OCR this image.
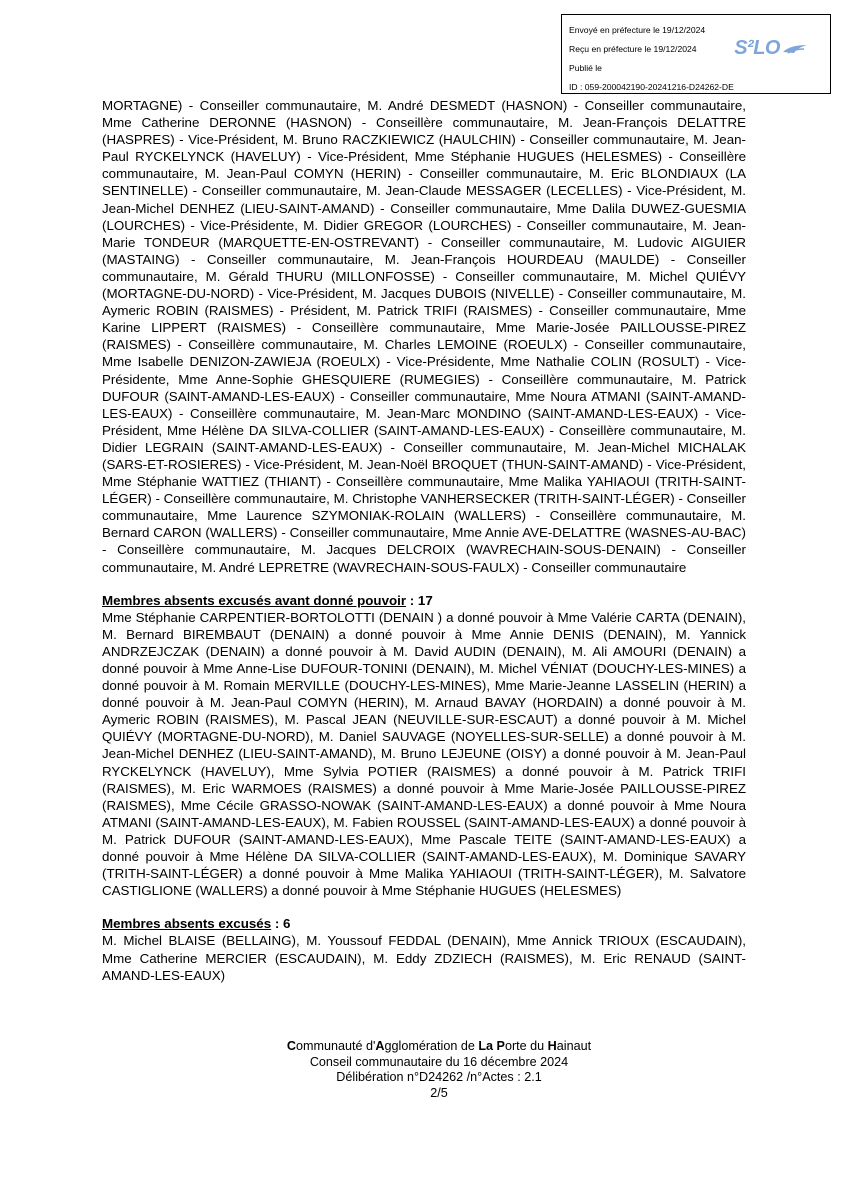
Envoyé en préfecture le 19/12/2024
Reçu en préfecture le 19/12/2024
Publié le
ID : 059-200042190-20241216-D24262-DE
S²LO

MORTAGNE) - Conseiller communautaire, M. André DESMEDT (HASNON) - Conseiller communautaire, Mme Catherine DERONNE (HASNON) - Conseillère communautaire, M. Jean-François DELATTRE (HASPRES) - Vice-Président, M. Bruno RACZKIEWICZ (HAULCHIN) - Conseiller communautaire, M. Jean-Paul RYCKELYNCK (HAVELUY) - Vice-Président, Mme Stéphanie HUGUES (HELESMES) - Conseillère communautaire, M. Jean-Paul COMYN (HERIN) - Conseiller communautaire, M. Eric BLONDIAUX (LA SENTINELLE) - Conseiller communautaire, M. Jean-Claude MESSAGER (LECELLES) - Vice-Président, M. Jean-Michel DENHEZ (LIEU-SAINT-AMAND) - Conseiller communautaire, Mme Dalila DUWEZ-GUESMIA (LOURCHES) - Vice-Présidente, M. Didier GREGOR (LOURCHES) - Conseiller communautaire, M. Jean-Marie TONDEUR (MARQUETTE-EN-OSTREVANT) - Conseiller communautaire, M. Ludovic AIGUIER (MASTAING) - Conseiller communautaire, M. Jean-François HOURDEAU (MAULDE) - Conseiller communautaire, M. Gérald THURU (MILLONFOSSE) - Conseiller communautaire, M. Michel QUIÉVY (MORTAGNE-DU-NORD) - Vice-Président, M. Jacques DUBOIS (NIVELLE) - Conseiller communautaire, M. Aymeric ROBIN (RAISMES) - Président, M. Patrick TRIFI (RAISMES) - Conseiller communautaire, Mme Karine LIPPERT (RAISMES) - Conseillère communautaire, Mme Marie-Josée PAILLOUSSE-PIREZ (RAISMES) - Conseillère communautaire, M. Charles LEMOINE (ROEULX) - Conseiller communautaire, Mme Isabelle DENIZON-ZAWIEJA (ROEULX) - Vice-Présidente, Mme Nathalie COLIN (ROSULT) - Vice-Présidente, Mme Anne-Sophie GHESQUIERE (RUMEGIES) - Conseillère communautaire, M. Patrick DUFOUR (SAINT-AMAND-LES-EAUX) - Conseiller communautaire, Mme Noura ATMANI (SAINT-AMAND-LES-EAUX) - Conseillère communautaire, M. Jean-Marc MONDINO (SAINT-AMAND-LES-EAUX) - Vice-Président, Mme Hélène DA SILVA-COLLIER (SAINT-AMAND-LES-EAUX) - Conseillère communautaire, M. Didier LEGRAIN (SAINT-AMAND-LES-EAUX) - Conseiller communautaire, M. Jean-Michel MICHALAK (SARS-ET-ROSIERES) - Vice-Président, M. Jean-Noël BROQUET (THUN-SAINT-AMAND) - Vice-Président, Mme Stéphanie WATTIEZ (THIANT) - Conseillère communautaire, Mme Malika YAHIAOUI (TRITH-SAINT-LÉGER) - Conseillère communautaire, M. Christophe VANHERSECKER (TRITH-SAINT-LÉGER) - Conseiller communautaire, Mme Laurence SZYMONIAK-ROLAIN (WALLERS) - Conseillère communautaire, M. Bernard CARON (WALLERS) - Conseiller communautaire, Mme Annie AVE-DELATTRE (WASNES-AU-BAC) - Conseillère communautaire, M. Jacques DELCROIX (WAVRECHAIN-SOUS-DENAIN) - Conseiller communautaire, M. André LEPRETRE (WAVRECHAIN-SOUS-FAULX) - Conseiller communautaire

Membres absents excusés avant donné pouvoir : 17

Mme Stéphanie CARPENTIER-BORTOLOTTI (DENAIN ) a donné pouvoir à Mme Valérie CARTA (DENAIN), M. Bernard BIREMBAUT (DENAIN) a donné pouvoir à Mme Annie DENIS (DENAIN), M. Yannick ANDRZEJCZAK (DENAIN) a donné pouvoir à M. David AUDIN (DENAIN), M. Ali AMOURI (DENAIN) a donné pouvoir à Mme Anne-Lise DUFOUR-TONINI (DENAIN), M. Michel VÉNIAT (DOUCHY-LES-MINES) a donné pouvoir à M. Romain MERVILLE (DOUCHY-LES-MINES), Mme Marie-Jeanne LASSELIN (HERIN) a donné pouvoir à M. Jean-Paul COMYN (HERIN), M. Arnaud BAVAY (HORDAIN) a donné pouvoir à M. Aymeric ROBIN (RAISMES), M. Pascal JEAN (NEUVILLE-SUR-ESCAUT) a donné pouvoir à M. Michel QUIÉVY (MORTAGNE-DU-NORD), M. Daniel SAUVAGE (NOYELLES-SUR-SELLE) a donné pouvoir à M. Jean-Michel DENHEZ (LIEU-SAINT-AMAND), M. Bruno LEJEUNE (OISY) a donné pouvoir à M. Jean-Paul RYCKELYNCK (HAVELUY), Mme Sylvia POTIER (RAISMES) a donné pouvoir à M. Patrick TRIFI (RAISMES), M. Eric WARMOES (RAISMES) a donné pouvoir à Mme Marie-Josée PAILLOUSSE-PIREZ (RAISMES), Mme Cécile GRASSO-NOWAK (SAINT-AMAND-LES-EAUX) a donné pouvoir à Mme Noura ATMANI (SAINT-AMAND-LES-EAUX), M. Fabien ROUSSEL (SAINT-AMAND-LES-EAUX) a donné pouvoir à M. Patrick DUFOUR (SAINT-AMAND-LES-EAUX), Mme Pascale TEITE (SAINT-AMAND-LES-EAUX) a donné pouvoir à Mme Hélène DA SILVA-COLLIER (SAINT-AMAND-LES-EAUX), M. Dominique SAVARY (TRITH-SAINT-LÉGER) a donné pouvoir à Mme Malika YAHIAOUI (TRITH-SAINT-LÉGER), M. Salvatore CASTIGLIONE (WALLERS) a donné pouvoir à Mme Stéphanie HUGUES (HELESMES)

Membres absents excusés : 6

M. Michel BLAISE (BELLAING), M. Youssouf FEDDAL (DENAIN), Mme Annick TRIOUX (ESCAUDAIN), Mme Catherine MERCIER (ESCAUDAIN), M. Eddy ZDZIECH (RAISMES), M. Eric RENAUD (SAINT-AMAND-LES-EAUX)

Communauté d'Agglomération de La Porte du Hainaut
Conseil communautaire du 16 décembre 2024
Délibération n°D24262 /n°Actes : 2.1
2/5
